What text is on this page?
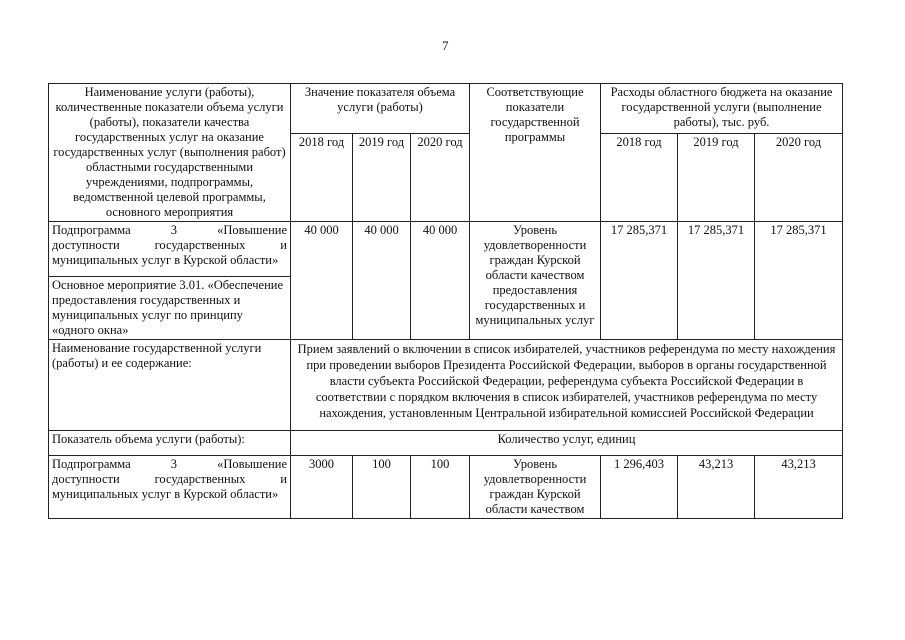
7
Наименование услуги (работы), количественные показатели объема услуги (работы), показатели качества государственных услуг на оказание государственных услуг (выполнения работ) областными государственными учреждениями, подпрограммы, ведомственной целевой программы, основного мероприятия	Значение показателя объема услуги (работы)			Соответствующие показатели государственной программы	Расходы областного бюджета на оказание государственной услуги (выполнение работы), тыс. руб.		
	2018 год	2019 год	2020 год		2018 год	2019 год	2020 год

Подпрограмма 3 «Повышение
доступности государственных и
муниципальных услуг в Курской области»	40 000	40 000	40 000	Уровень удовлетворенности граждан Курской области качеством предоставления государственных и муниципальных услуг	17 285,371	17 285,371	17 285,371
Основное мероприятие 3.01. «Обеспечение предоставления государственных и муниципальных услуг по принципу «одного окна»							
Наименование государственной услуги (работы) и ее содержание:	Прием заявлений о включении в список избирателей, участников референдума по месту нахождения при проведении выборов Президента Российской Федерации, выборов в органы государственной власти субъекта Российской Федерации, референдума субъекта Российской Федерации в соответствии с порядком включения в список избирателей, участников референдума по месту нахождения, установленным Центральной избирательной комиссией Российской Федерации						
Показатель объема услуги (работы):	Количество услуг, единиц						

Подпрограмма 3 «Повышение
доступности государственных и
муниципальных услуг в Курской области»	3000	100	100	Уровень удовлетворенности граждан Курской области качеством	1 296,403	43,213	43,213
